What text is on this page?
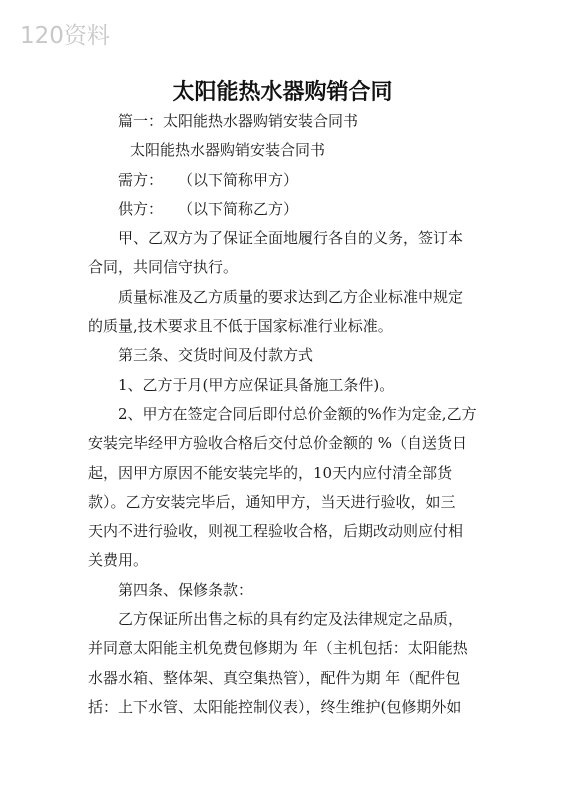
120资料
太阳能热水器购销合同
篇一：太阳能热水器购销安装合同书
太阳能热水器购销安装合同书
需方：　　（以下简称甲方）
供方：　　（以下简称乙方）
甲、乙双方为了保证全面地履行各自的义务，签订本
合同，共同信守执行。
质量标准及乙方质量的要求达到乙方企业标准中规定
的质量,技术要求且不低于国家标准行业标准。
第三条、交货时间及付款方式
1、乙方于月(甲方应保证具备施工条件)。
2、甲方在签定合同后即付总价金额的%作为定金,乙方
安装完毕经甲方验收合格后交付总价金额的 %（自送货日
起，因甲方原因不能安装完毕的，10天内应付清全部货
款）。乙方安装完毕后，通知甲方，当天进行验收，如三
天内不进行验收，则视工程验收合格，后期改动则应付相
关费用。
第四条、保修条款：
乙方保证所出售之标的具有约定及法律规定之品质，
并同意太阳能主机免费包修期为 年（主机包括：太阳能热
水器水箱、整体架、真空集热管），配件为期 年（配件包
括：上下水管、太阳能控制仪表），终生维护(包修期外如
